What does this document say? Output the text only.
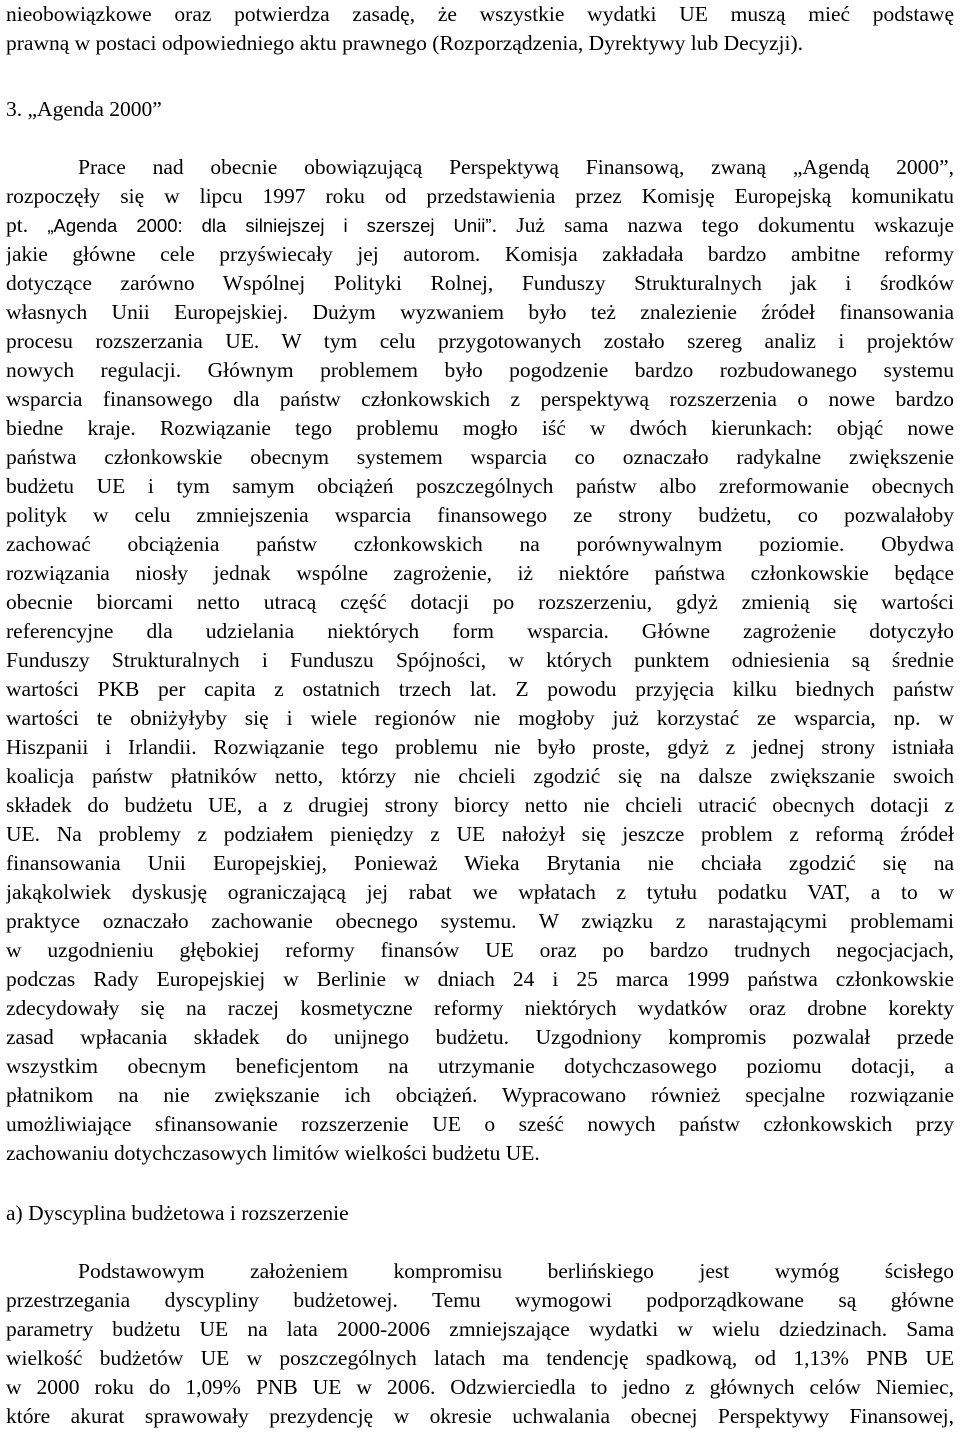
nieobowiązkowe oraz potwierdza zasadę, że wszystkie wydatki UE muszą mieć podstawę
prawną w postaci odpowiedniego aktu prawnego (Rozporządzenia, Dyrektywy lub Decyzji).
3. „Agenda 2000”
Prace nad obecnie obowiązującą Perspektywą Finansową, zwaną „Agendą 2000”,
rozpoczęły się w lipcu 1997 roku od przedstawienia przez Komisję Europejską komunikatu
pt. „Agenda 2000: dla silniejszej i szerszej Unii”. Już sama nazwa tego dokumentu wskazuje
jakie główne cele przyświecały jej autorom. Komisja zakładała bardzo ambitne reformy
dotyczące zarówno Wspólnej Polityki Rolnej, Funduszy Strukturalnych jak i środków
własnych Unii Europejskiej. Dużym wyzwaniem było też znalezienie źródeł finansowania
procesu rozszerzania UE. W tym celu przygotowanych zostało szereg analiz i projektów
nowych regulacji. Głównym problemem było pogodzenie bardzo rozbudowanego systemu
wsparcia finansowego dla państw członkowskich z perspektywą rozszerzenia o nowe bardzo
biedne kraje. Rozwiązanie tego problemu mogło iść w dwóch kierunkach: objąć nowe
państwa członkowskie obecnym systemem wsparcia co oznaczało radykalne zwiększenie
budżetu UE i tym samym obciążeń poszczególnych państw albo zreformowanie obecnych
polityk w celu zmniejszenia wsparcia finansowego ze strony budżetu, co pozwalałoby
zachować obciążenia państw członkowskich na porównywalnym poziomie. Obydwa
rozwiązania niosły jednak wspólne zagrożenie, iż niektóre państwa członkowskie będące
obecnie biorcami netto utracą część dotacji po rozszerzeniu, gdyż zmienią się wartości
referencyjne dla udzielania niektórych form wsparcia. Główne zagrożenie dotyczyło
Funduszy Strukturalnych i Funduszu Spójności, w których punktem odniesienia są średnie
wartości PKB per capita z ostatnich trzech lat. Z powodu przyjęcia kilku biednych państw
wartości te obniżyłyby się i wiele regionów nie mogłoby już korzystać ze wsparcia, np. w
Hiszpanii i Irlandii. Rozwiązanie tego problemu nie było proste, gdyż z jednej strony istniała
koalicja państw płatników netto, którzy nie chcieli zgodzić się na dalsze zwiększanie swoich
składek do budżetu UE, a z drugiej strony biorcy netto nie chcieli utracić obecnych dotacji z
UE. Na problemy z podziałem pieniędzy z UE nałożył się jeszcze problem z reformą źródeł
finansowania Unii Europejskiej, Ponieważ Wieka Brytania nie chciała zgodzić się na
jakąkolwiek dyskusję ograniczającą jej rabat we wpłatach z tytułu podatku VAT, a to w
praktyce oznaczało zachowanie obecnego systemu. W związku z narastającymi problemami
w uzgodnieniu głębokiej reformy finansów UE oraz po bardzo trudnych negocjacjach,
podczas Rady Europejskiej w Berlinie w dniach 24 i 25 marca 1999 państwa członkowskie
zdecydowały się na raczej kosmetyczne reformy niektórych wydatków oraz drobne korekty
zasad wpłacania składek do unijnego budżetu. Uzgodniony kompromis pozwalał przede
wszystkim obecnym beneficjentom na utrzymanie dotychczasowego poziomu dotacji, a
płatnikom na nie zwiększanie ich obciążeń. Wypracowano również specjalne rozwiązanie
umożliwiające sfinansowanie rozszerzenie UE o sześć nowych państw członkowskich przy
zachowaniu dotychczasowych limitów wielkości budżetu UE.
a) Dyscyplina budżetowa i rozszerzenie
Podstawowym założeniem kompromisu berlińskiego jest wymóg ścisłego
przestrzegania dyscypliny budżetowej. Temu wymogowi podporządkowane są główne
parametry budżetu UE na lata 2000-2006 zmniejszające wydatki w wielu dziedzinach. Sama
wielkość budżetów UE w poszczególnych latach ma tendencję spadkową, od 1,13% PNB UE
w 2000 roku do 1,09% PNB UE w 2006. Odzwierciedla to jedno z głównych celów Niemiec,
które akurat sprawowały prezydencję w okresie uchwalania obecnej Perspektywy Finansowej,
